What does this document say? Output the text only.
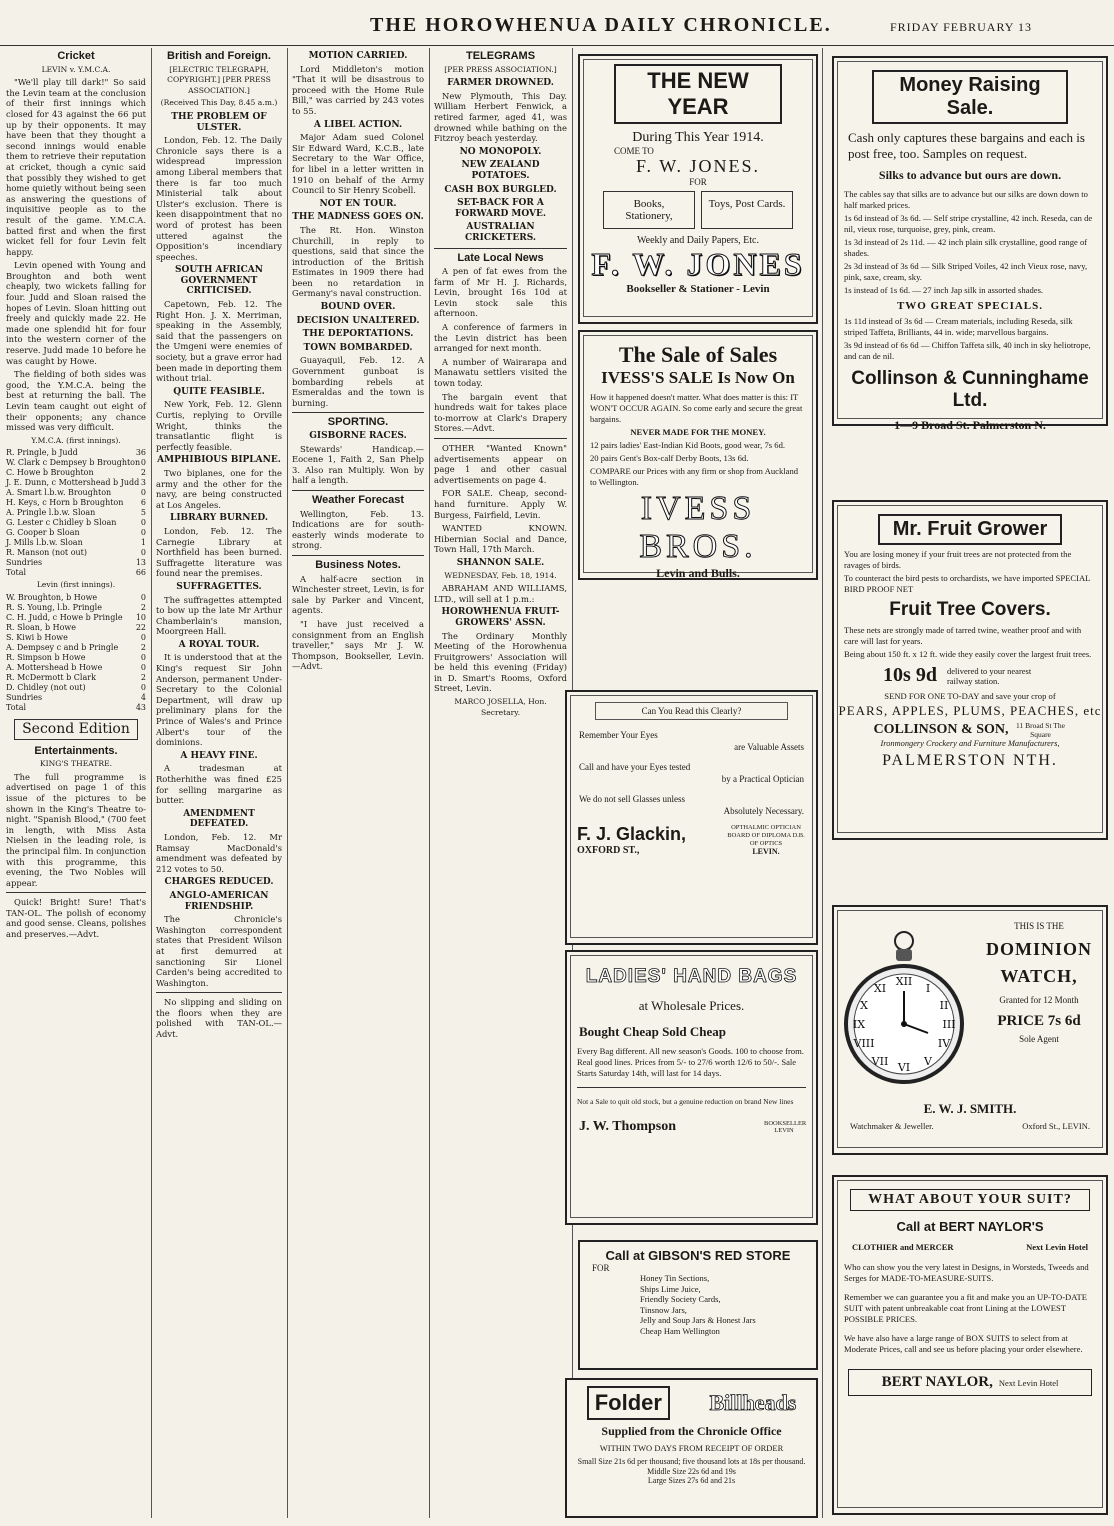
THE HOROWHENUA DAILY CHRONICLE.	FRIDAY FEBRUARY 13
Cricket
LEVIN v. Y.M.C.A.

"We'll play till dark!" So said the Levin team at the conclusion of their first innings which closed for 43 against the 66 put up by their opponents. It may have been that they thought a second innings would enable them to retrieve their reputation at cricket, though a cynic said that possibly they wished to get home quietly without being seen as answering the questions of inquisitive people as to the result of the game. Y.M.C.A. batted first and when the first wicket fell for four Levin felt happy.

Levin opened with Young and Broughton and both went cheaply, two wickets falling for four. Judd and Sloan raised the hopes of Levin. Sloan hitting out freely and quickly made 22. He made one splendid hit for four into the western corner of the reserve. Judd made 10 before he was caught by Howe.

The fielding of both sides was good, the Y.M.C.A. being the best at returning the ball. The Levin team caught out eight of their opponents; any chance missed was very difficult.

Y.M.C.A. (first innings).
R. Pringle, b Judd	36
W. Clark c Dempsey b Broughton 0
C. Howe b Broughton	2
J. E. Dunn, c Mottershead b Judd 3
A. Smart l.b.w. Broughton	0
H. Keys, c Horn b Broughton 6
A. Pringle l.b.w. Sloan	5
G. Lester c Chidley b Sloan	0
G. Cooper b Sloan	0
J. Mills l.b.w. Sloan	1
R. Manson (not out)	0
Sundries	13
Total	66
Levin (first innings).
W. Broughton, b Howe	0
R. S. Young, l.b. Pringle	2
C. H. Judd, c Howe b Pringle 10
R. Sloan, b Howe	22
S. Kiwi b Howe	0
A. Dempsey c and b Pringle	2
R. Simpson b Howe	0
A. Mottershead b Howe	0
R. McDermott b Clark	2
D. Chidley (not out)	0
Sundries	4
Total	43
Second Edition
Entertainments.
KING'S THEATRE.

The full programme is advertised on page 1 of this issue of the pictures to be shown in the King's Theatre to-night. "Spanish Blood," (700 feet in length, with Miss Asta Nielsen in the leading role, is the principal film. In conjunction with this programme, this evening, the Two Nobles will appear.

Quick! Bright! Sure! That's TAN-OL. The polish of economy and good sense. Cleans, polishes and preserves.—Advt.

British and Foreign.
[ELECTRIC TELEGRAPH, COPYRIGHT.] [PER PRESS ASSOCIATION.]
(Received This Day, 8.45 a.m.)
THE PROBLEM OF ULSTER.

London, Feb. 12. The Daily Chronicle says there is a widespread impression among Liberal members that there is far too much Ministerial talk about Ulster's exclusion. There is keen disappointment that no word of protest has been uttered against the Opposition's incendiary speeches.

SOUTH AFRICAN GOVERNMENT CRITICISED.

Capetown, Feb. 12. The Right Hon. J. X. Merriman, speaking in the Assembly, said that the passengers on the Umgeni were enemies of society, but a grave error had been made in deporting them without trial.

QUITE FEASIBLE.

New York, Feb. 12. Glenn Curtis, replying to Orville Wright, thinks the transatlantic flight is perfectly feasible.

AMPHIBIOUS BIPLANE.

Two biplanes, one for the army and the other for the navy, are being constructed at Los Angeles.

LIBRARY BURNED.

London, Feb. 12. The Carnegie Library at Northfield has been burned. Suffragette literature was found near the premises.

SUFFRAGETTES.

The suffragettes attempted to bow up the late Mr Arthur Chamberlain's mansion, Moorgreen Hall.

A ROYAL TOUR.

It is understood that at the King's request Sir John Anderson, permanent Under-Secretary to the Colonial Department, will draw up preliminary plans for the Prince of Wales's and Prince Albert's tour of the dominions.

A HEAVY FINE.

A tradesman at Rotherhithe was fined £25 for selling margarine as butter.

AMENDMENT DEFEATED.

London, Feb. 12. Mr Ramsay MacDonald's amendment was defeated by 212 votes to 50.

CHARGES REDUCED.
ANGLO-AMERICAN FRIENDSHIP.

The Chronicle's Washington correspondent states that President Wilson at first demurred at sanctioning Sir Lionel Carden's being accredited to Washington.

No slipping and sliding on the floors when they are polished with TAN-OL.—Advt.

MOTION CARRIED.

Lord Middleton's motion "That it will be disastrous to proceed with the Home Rule Bill," was carried by 243 votes to 55.

A LIBEL ACTION.

Major Adam sued Colonel Sir Edward Ward, K.C.B., late Secretary to the War Office, for libel in a letter written in 1910 on behalf of the Army Council to Sir Henry Scobell.

NOT EN TOUR.
THE MADNESS GOES ON.

The Rt. Hon. Winston Churchill, in reply to questions, said that since the introduction of the British Estimates in 1909 there had been no retardation in Germany's naval construction.

BOUND OVER.
DECISION UNALTERED.
THE DEPORTATIONS.
TOWN BOMBARDED.

Guayaquil, Feb. 12. A Government gunboat is bombarding rebels at Esmeraldas and the town is burning.

SPORTING.
GISBORNE RACES.

Stewards' Handicap.—Eocene 1, Faith 2, San Phelp 3. Also ran Multiply. Won by half a length.

Weather Forecast

Wellington, Feb. 13. Indications are for south-easterly winds moderate to strong.

Business Notes.

A half-acre section in Winchester street, Levin, is for sale by Parker and Vincent, agents.

"I have just received a consignment from an English traveller," says Mr J. W. Thompson, Bookseller, Levin.—Advt.

TELEGRAMS
[PER PRESS ASSOCIATION.]
FARMER DROWNED.

New Plymouth, This Day. William Herbert Fenwick, a retired farmer, aged 41, was drowned while bathing on the Fitzroy beach yesterday.

NO MONOPOLY.
NEW ZEALAND POTATOES.
CASH BOX BURGLED.
SET-BACK FOR A FORWARD MOVE.
AUSTRALIAN CRICKETERS.
Late Local News

A pen of fat ewes from the farm of Mr H. J. Richards, Levin, brought 16s 10d at Levin stock sale this afternoon.

A conference of farmers in the Levin district has been arranged for next month.

A number of Wairarapa and Manawatu settlers visited the town today.

The bargain event that hundreds wait for takes place to-morrow at Clark's Drapery Stores.—Advt.

OTHER "Wanted Known" advertisements appear on page 1 and other casual advertisements on page 4.

FOR SALE. Cheap, second-hand furniture. Apply W. Burgess, Fairfield, Levin.

WANTED KNOWN. Hibernian Social and Dance, Town Hall, 17th March.

SHANNON SALE.
WEDNESDAY, Feb. 18, 1914.

ABRAHAM AND WILLIAMS, LTD., will sell at 1 p.m.:

HOROWHENUA FRUIT-GROWERS' ASSN.

The Ordinary Monthly Meeting of the Horowhenua Fruitgrowers' Association will be held this evening (Friday) in D. Smart's Rooms, Oxford Street, Levin.

MARCO JOSELLA, Hon. Secretary.
THE NEW YEAR
During This Year 1914.
COME TO
F. W. JONES.
FOR
Books, Stationery,
Toys, Post Cards.
Weekly and Daily Papers, Etc.
F. W. JONES
Bookseller & Stationer - Levin
The Sale of Sales
IVESS'S SALE Is Now On

How it happened doesn't matter. What does matter is this: IT WON'T OCCUR AGAIN. So come early and secure the great bargains.

NEVER MADE FOR THE MONEY.

12 pairs ladies' East-Indian Kid Boots, good wear, 7s 6d.

20 pairs Gent's Box-calf Derby Boots, 13s 6d.

COMPARE our Prices with any firm or shop from Auckland to Wellington.

IVESS BROS.
Levin and Bulls.
Can You Read this Clearly?
Remember Your Eyes
are Valuable Assets
Call and have your Eyes tested
by a Practical Optician
We do not sell Glasses unless
Absolutely Necessary.
F. J. Glackin,
OXFORD ST.,
OPTHALMIC OPTICIAN BOARD OF DIPLOMA D.B. OF OPTICS
LEVIN.
LADIES' HAND BAGS
at Wholesale Prices.
Bought Cheap Sold Cheap

Every Bag different. All new season's Goods. 100 to choose from. Real good lines. Prices from 5/- to 27/6 worth 12/6 to 50/-. Sale Starts Saturday 14th, will last for 14 days.

Not a Sale to quit old stock, but a genuine reduction on brand New lines

J. W. Thompson	BOOKSELLER LEVIN
Call at GIBSON'S RED STORE
FOR
Honey Tin Sections,
Ships Lime Juice,
Friendly Society Cards,
Tinsnow Jars,
Jelly and Soup Jars & Honest Jars
Cheap Ham Wellington
Folder	Billheads
Supplied from the Chronicle Office
WITHIN TWO DAYS FROM RECEIPT OF ORDER
Small Size 21s 6d per thousand; five thousand lots at 18s per thousand.
Middle Size 22s 6d and 19s
Large Sizes 27s 6d and 21s
Money Raising Sale.
Cash only captures these bargains and each is post free, too. Samples on request.
Silks to advance but ours are down.

The cables say that silks are to advance but our silks are down down to half marked prices.

1s 6d instead of 3s 6d. — Self stripe crystalline, 42 inch. Reseda, can de nil, vieux rose, turquoise, grey, pink, cream.

1s 3d instead of 2s 11d. — 42 inch plain silk crystalline, good range of shades.

2s 3d instead of 3s 6d — Silk Striped Voiles, 42 inch Vieux rose, navy, pink, saxe, cream, sky.

1s instead of 1s 6d. — 27 inch Jap silk in assorted shades.

TWO GREAT SPECIALS.

1s 11d instead of 3s 6d — Cream materials, including Reseda, silk striped Taffeta, Brilliants, 44 in. wide; marvellous bargains.

3s 9d instead of 6s 6d — Chiffon Taffeta silk, 40 inch in sky heliotrope, and can de nil.

Collinson & Cunninghame Ltd.
1—9 Broad St. Palmerston N.
Mr. Fruit Grower

You are losing money if your fruit trees are not protected from the ravages of birds.

To counteract the bird pests to orchardists, we have imported SPECIAL BIRD PROOF NET

Fruit Tree Covers.

These nets are strongly made of tarred twine, weather proof and with care will last for years.

Being about 150 ft. x 12 ft. wide they easily cover the largest fruit trees.

10s 9d delivered to your nearest railway station.
SEND FOR ONE TO-DAY and save your crop of
PEARS, APPLES, PLUMS, PEACHES, etc
COLLINSON & SON, 11 Broad St The Square
Ironmongery Crockery and Furniture Manufacturers,
PALMERSTON NTH.
XII
I
II
III
IV
V
VI
VII
VIII
IX
X
XI
THIS IS THE
DOMINION
WATCH,
Granted for 12 Month
PRICE 7s 6d
Sole Agent
E. W. J. SMITH.
Watchmaker & Jeweller.	Oxford St., LEVIN.
WHAT ABOUT YOUR SUIT?
Call at BERT NAYLOR'S
CLOTHIER and MERCER	Next Levin Hotel

Who can show you the very latest in Designs, in Worsteds, Tweeds and Serges for MADE-TO-MEASURE-SUITS.

Remember we can guarantee you a fit and make you an UP-TO-DATE SUIT with patent unbreakable coat front Lining at the LOWEST POSSIBLE PRICES.

We have also have a large range of BOX SUITS to select from at Moderate Prices, call and see us before placing your order elsewhere.

BERT NAYLOR, Next Levin Hotel
